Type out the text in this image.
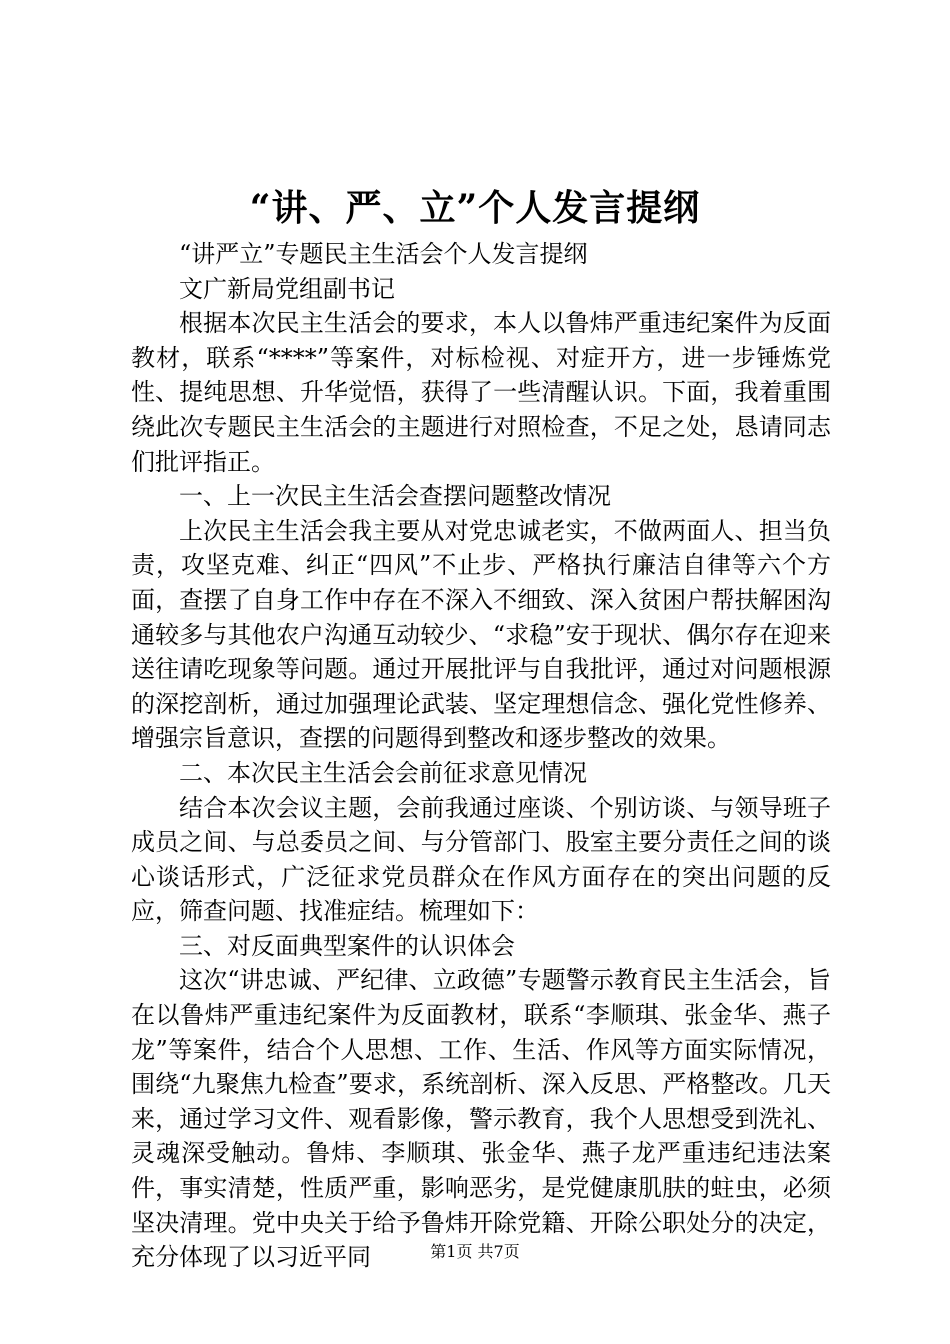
“讲、严、立”个人发言提纲

“讲严立”专题民主生活会个人发言提纲

文广新局党组副书记

根据本次民主生活会的要求，本人以鲁炜严重违纪案件为反面教材，联系“****”等案件，对标检视、对症开方，进一步锤炼党性、提纯思想、升华觉悟，获得了一些清醒认识。下面，我着重围绕此次专题民主生活会的主题进行对照检查，不足之处，恳请同志们批评指正。

一、上一次民主生活会查摆问题整改情况

上次民主生活会我主要从对党忠诚老实，不做两面人、担当负责，攻坚克难、纠正“四风”不止步、严格执行廉洁自律等六个方面，查摆了自身工作中存在不深入不细致、深入贫困户帮扶解困沟通较多与其他农户沟通互动较少、“求稳”安于现状、偶尔存在迎来送往请吃现象等问题。通过开展批评与自我批评，通过对问题根源的深挖剖析，通过加强理论武装、坚定理想信念、强化党性修养、增强宗旨意识，查摆的问题得到整改和逐步整改的效果。

二、本次民主生活会会前征求意见情况

结合本次会议主题，会前我通过座谈、个别访谈、与领导班子成员之间、与总委员之间、与分管部门、股室主要分责任之间的谈心谈话形式，广泛征求党员群众在作风方面存在的突出问题的反应，筛查问题、找准症结。梳理如下：

三、对反面典型案件的认识体会

这次“讲忠诚、严纪律、立政德”专题警示教育民主生活会，旨在以鲁炜严重违纪案件为反面教材，联系“李顺琪、张金华、燕子龙”等案件，结合个人思想、工作、生活、作风等方面实际情况，围绕“九聚焦九检查”要求，系统剖析、深入反思、严格整改。几天来，通过学习文件、观看影像，警示教育，我个人思想受到洗礼、灵魂深受触动。鲁炜、李顺琪、张金华、燕子龙严重违纪违法案件，事实清楚，性质严重，影响恶劣，是党健康肌肤的蛀虫，必须坚决清理。党中央关于给予鲁炜开除党籍、开除公职处分的决定，充分体现了以习近平同	第1页 共7页
